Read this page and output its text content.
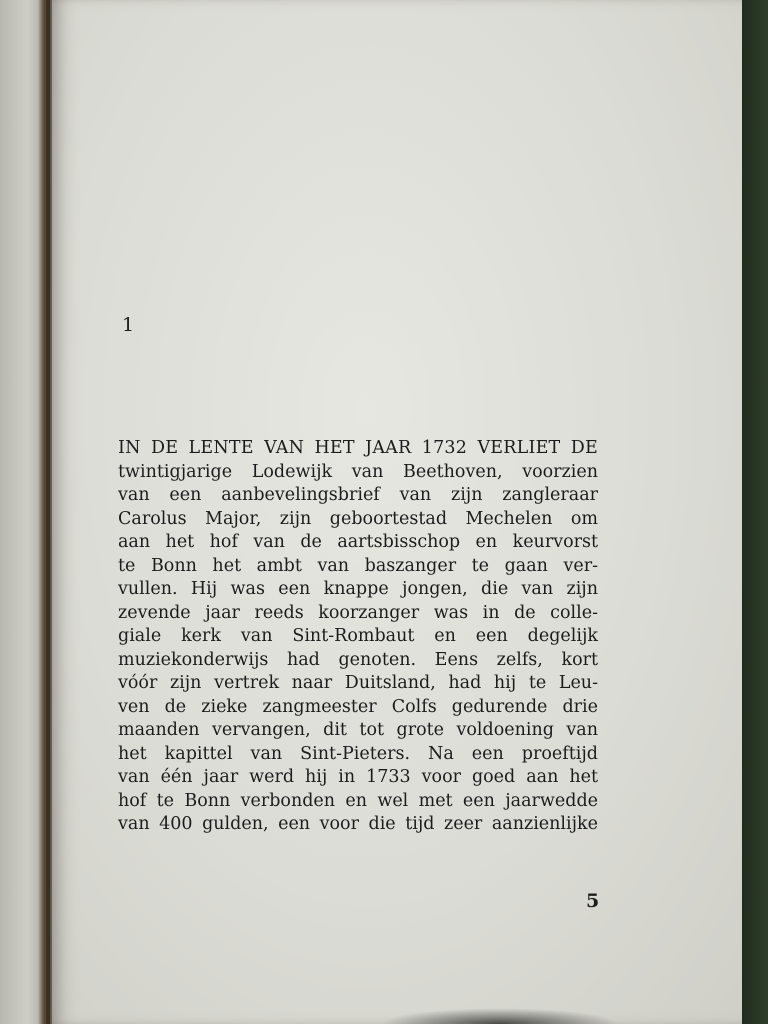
1
IN DE LENTE VAN HET JAAR 1732 VERLIET DE
twintigjarige Lodewijk van Beethoven, voorzien
van een aanbevelingsbrief van zijn zangleraar
Carolus Major, zijn geboortestad Mechelen om
aan het hof van de aartsbisschop en keurvorst
te Bonn het ambt van baszanger te gaan ver-
vullen. Hij was een knappe jongen, die van zijn
zevende jaar reeds koorzanger was in de colle-
giale kerk van Sint-Rombaut en een degelijk
muziekonderwijs had genoten. Eens zelfs, kort
vóór zijn vertrek naar Duitsland, had hij te Leu-
ven de zieke zangmeester Colfs gedurende drie
maanden vervangen, dit tot grote voldoening van
het kapittel van Sint-Pieters. Na een proeftijd
van één jaar werd hij in 1733 voor goed aan het
hof te Bonn verbonden en wel met een jaarwedde
van 400 gulden, een voor die tijd zeer aanzienlijke
5
